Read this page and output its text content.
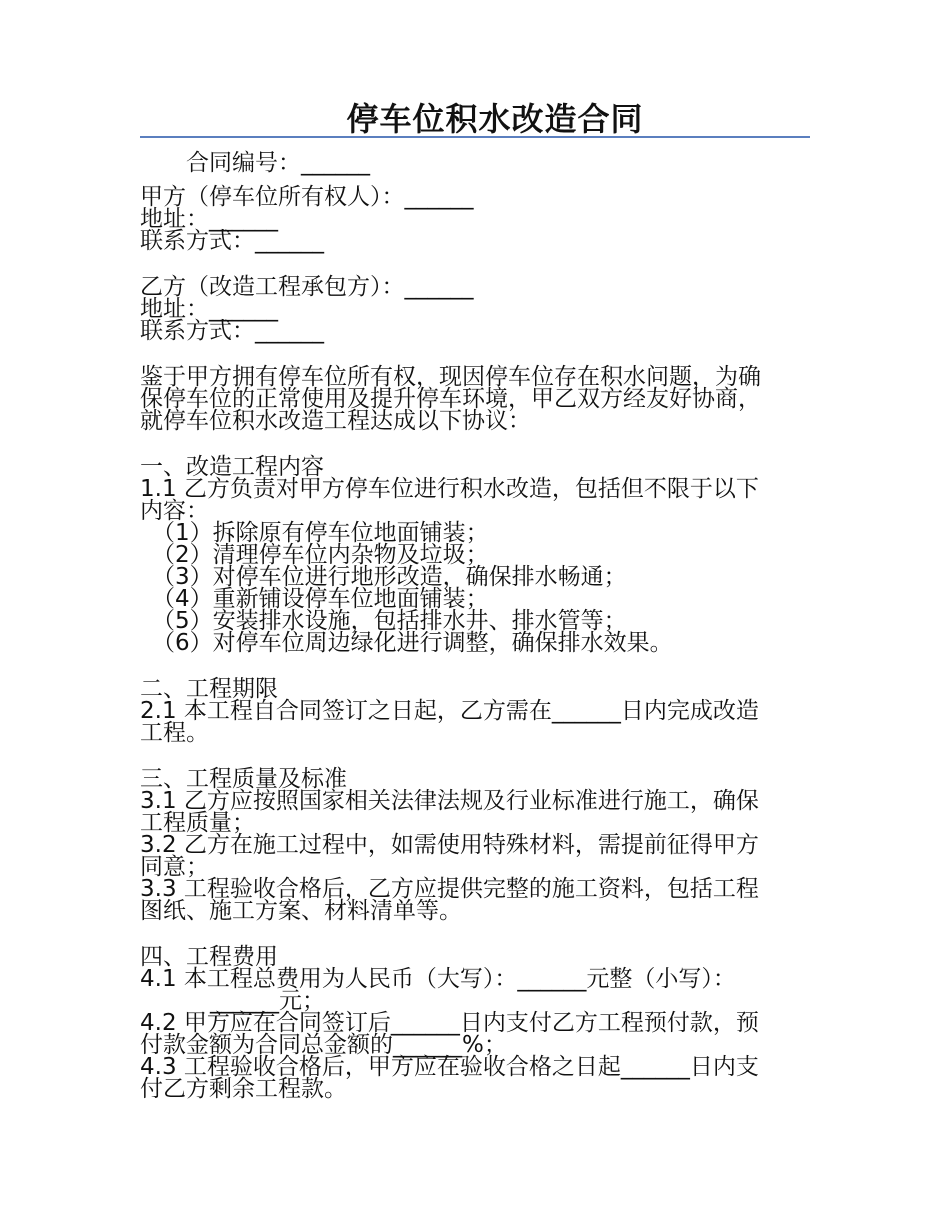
停车位积水改造合同

合同编号：______

甲方（停车位所有权人）：______

地址：______

联系方式：______

乙方（改造工程承包方）：______

地址：______

联系方式：______

鉴于甲方拥有停车位所有权，现因停车位存在积水问题，为确

保停车位的正常使用及提升停车环境，甲乙双方经友好协商，

就停车位积水改造工程达成以下协议：

一、改造工程内容

1.1 乙方负责对甲方停车位进行积水改造，包括但不限于以下

内容：

（1）拆除原有停车位地面铺装；

（2）清理停车位内杂物及垃圾；

（3）对停车位进行地形改造，确保排水畅通；

（4）重新铺设停车位地面铺装；

（5）安装排水设施，包括排水井、排水管等；

（6）对停车位周边绿化进行调整，确保排水效果。

二、工程期限

2.1 本工程自合同签订之日起，乙方需在______日内完成改造

工程。

三、工程质量及标准

3.1 乙方应按照国家相关法律法规及行业标准进行施工，确保

工程质量；

3.2 乙方在施工过程中，如需使用特殊材料，需提前征得甲方

同意；

3.3 工程验收合格后，乙方应提供完整的施工资料，包括工程

图纸、施工方案、材料清单等。

四、工程费用

4.1 本工程总费用为人民币（大写）：______元整（小写）：

______元；

4.2 甲方应在合同签订后______日内支付乙方工程预付款，预

付款金额为合同总金额的______%；

4.3 工程验收合格后，甲方应在验收合格之日起______日内支

付乙方剩余工程款。
